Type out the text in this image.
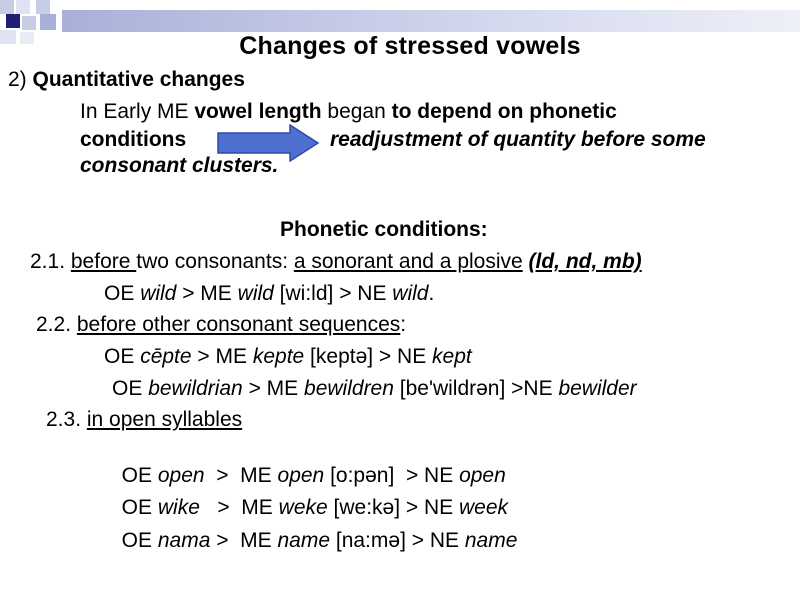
Changes of stressed vowels
2) Quantitative changes
In Early ME vowel length began to depend on phonetic
conditions	readjustment of quantity before some
consonant clusters.
Phonetic conditions:
2.1. before two consonants: a sonorant and a plosive (ld, nd, mb)
OE wild > ME wild [wi:ld] > NE wild.
2.2. before other consonant sequences:
OE cēpte > ME kepte [keptə] > NE kept
OE bewildrian > ME bewildren [be'wildrən] >NE bewilder
2.3. in open syllables

OE open  >  ME open [o:pən]  > NE open

OE wike   >  ME weke [we:kə] > NE week

OE nama >  ME name [na:mə] > NE name
